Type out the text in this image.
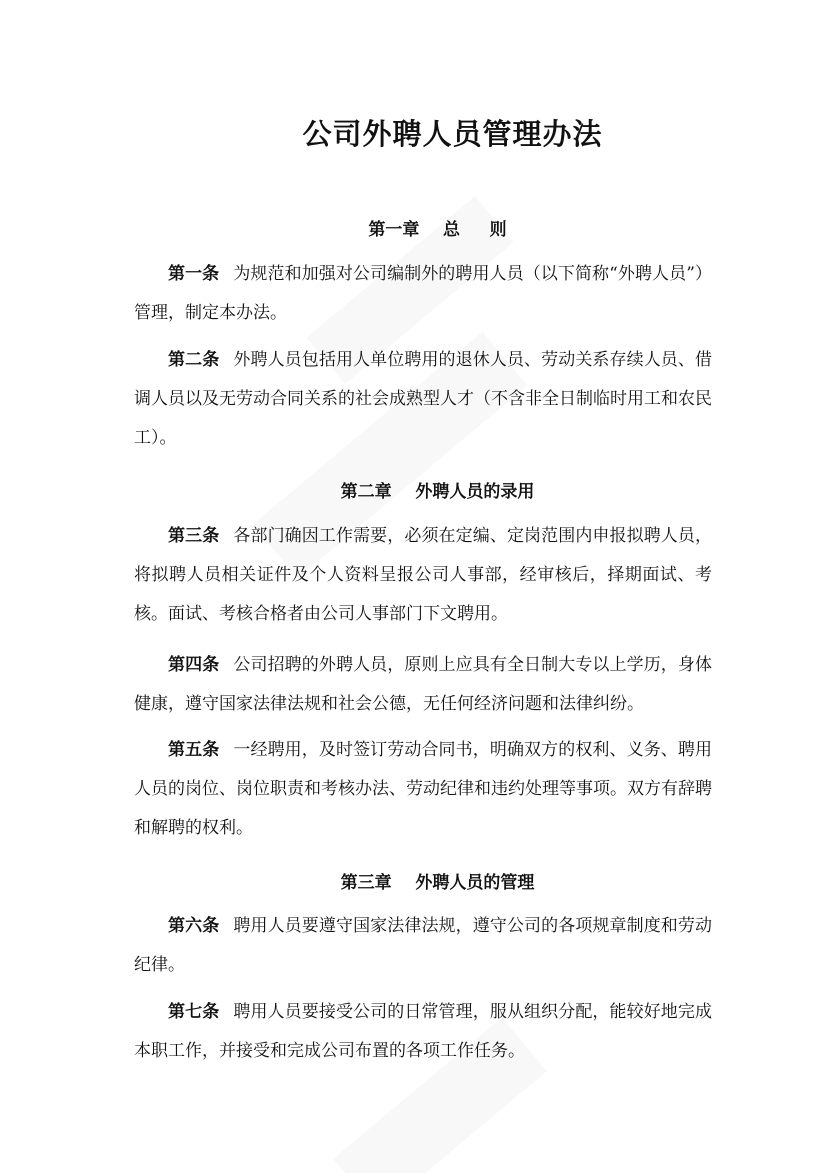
公司外聘人员管理办法
第一章    总     则

第一条 为规范和加强对公司编制外的聘用人员（以下简称“外聘人员”）管理，制定本办法。

第二条 外聘人员包括用人单位聘用的退休人员、劳动关系存续人员、借调人员以及无劳动合同关系的社会成熟型人才（不含非全日制临时用工和农民工）。

第二章    外聘人员的录用

第三条 各部门确因工作需要，必须在定编、定岗范围内申报拟聘人员，将拟聘人员相关证件及个人资料呈报公司人事部，经审核后，择期面试、考核。面试、考核合格者由公司人事部门下文聘用。

第四条 公司招聘的外聘人员，原则上应具有全日制大专以上学历，身体健康，遵守国家法律法规和社会公德，无任何经济问题和法律纠纷。

第五条 一经聘用，及时签订劳动合同书，明确双方的权利、义务、聘用人员的岗位、岗位职责和考核办法、劳动纪律和违约处理等事项。双方有辞聘和解聘的权利。

第三章    外聘人员的管理

第六条 聘用人员要遵守国家法律法规，遵守公司的各项规章制度和劳动纪律。

第七条 聘用人员要接受公司的日常管理，服从组织分配，能较好地完成本职工作，并接受和完成公司布置的各项工作任务。
